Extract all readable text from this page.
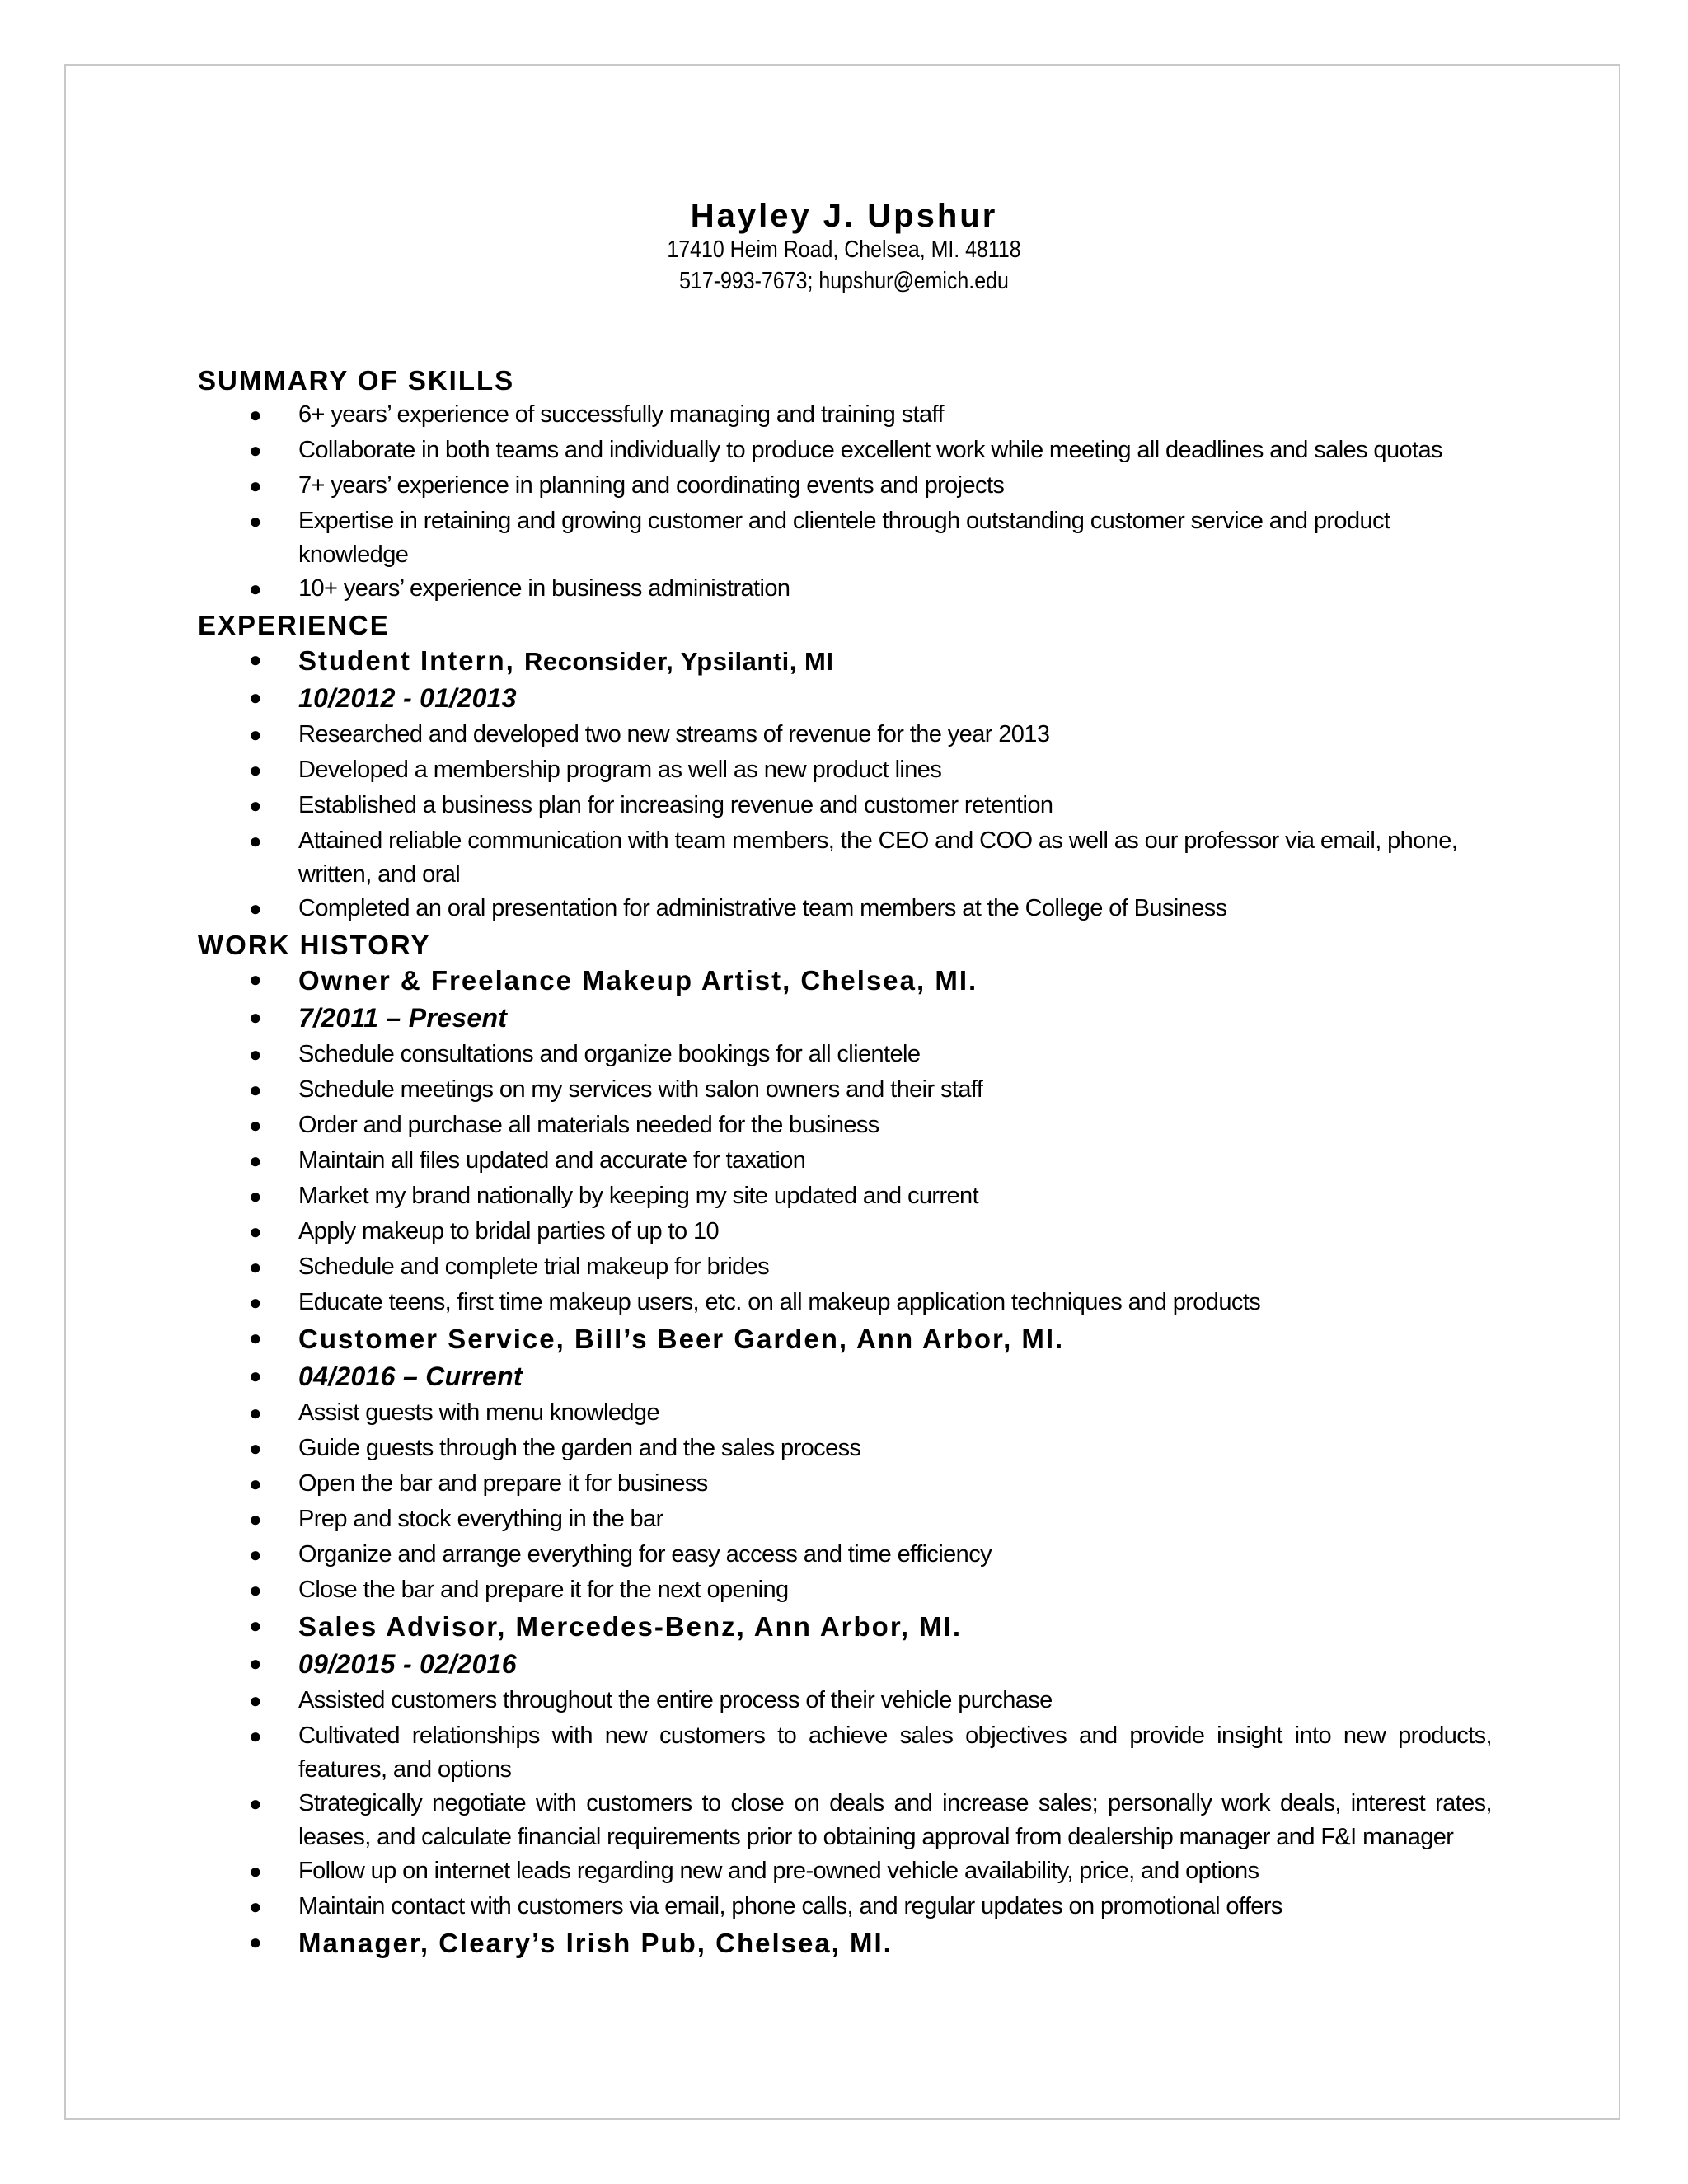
Hayley J. Upshur
17410 Heim Road, Chelsea, MI. 48118
517-993-7673; hupshur@emich.edu
SUMMARY OF SKILLS
● 6+ years’ experience of successfully managing and training staff
● Collaborate in both teams and individually to produce excellent work while meeting all deadlines and sales quotas
● 7+ years’ experience in planning and coordinating events and projects
● Expertise in retaining and growing customer and clientele through outstanding customer service and product knowledge
● 10+ years’ experience in business administration
EXPERIENCE
● Student Intern, Reconsider, Ypsilanti, MI
● 10/2012 - 01/2013
● Researched and developed two new streams of revenue for the year 2013
● Developed a membership program as well as new product lines
● Established a business plan for increasing revenue and customer retention
● Attained reliable communication with team members, the CEO and COO as well as our professor via email, phone, written, and oral
● Completed an oral presentation for administrative team members at the College of Business
WORK HISTORY
● Owner & Freelance Makeup Artist, Chelsea, MI.
● 7/2011 – Present
● Schedule consultations and organize bookings for all clientele
● Schedule meetings on my services with salon owners and their staff
● Order and purchase all materials needed for the business
● Maintain all files updated and accurate for taxation
● Market my brand nationally by keeping my site updated and current
● Apply makeup to bridal parties of up to 10
● Schedule and complete trial makeup for brides
● Educate teens, first time makeup users, etc. on all makeup application techniques and products
● Customer Service, Bill’s Beer Garden, Ann Arbor, MI.
● 04/2016 – Current
● Assist guests with menu knowledge
● Guide guests through the garden and the sales process
● Open the bar and prepare it for business
● Prep and stock everything in the bar
● Organize and arrange everything for easy access and time efficiency
● Close the bar and prepare it for the next opening
● Sales Advisor, Mercedes-Benz, Ann Arbor, MI.
● 09/2015 - 02/2016
● Assisted customers throughout the entire process of their vehicle purchase
● Cultivated relationships with new customers to achieve sales objectives and provide insight into new products, features, and options
● Strategically negotiate with customers to close on deals and increase sales; personally work deals, interest rates, leases, and calculate financial requirements prior to obtaining approval from dealership manager and F&I manager
● Follow up on internet leads regarding new and pre-owned vehicle availability, price, and options
● Maintain contact with customers via email, phone calls, and regular updates on promotional offers
● Manager, Cleary’s Irish Pub, Chelsea, MI.
